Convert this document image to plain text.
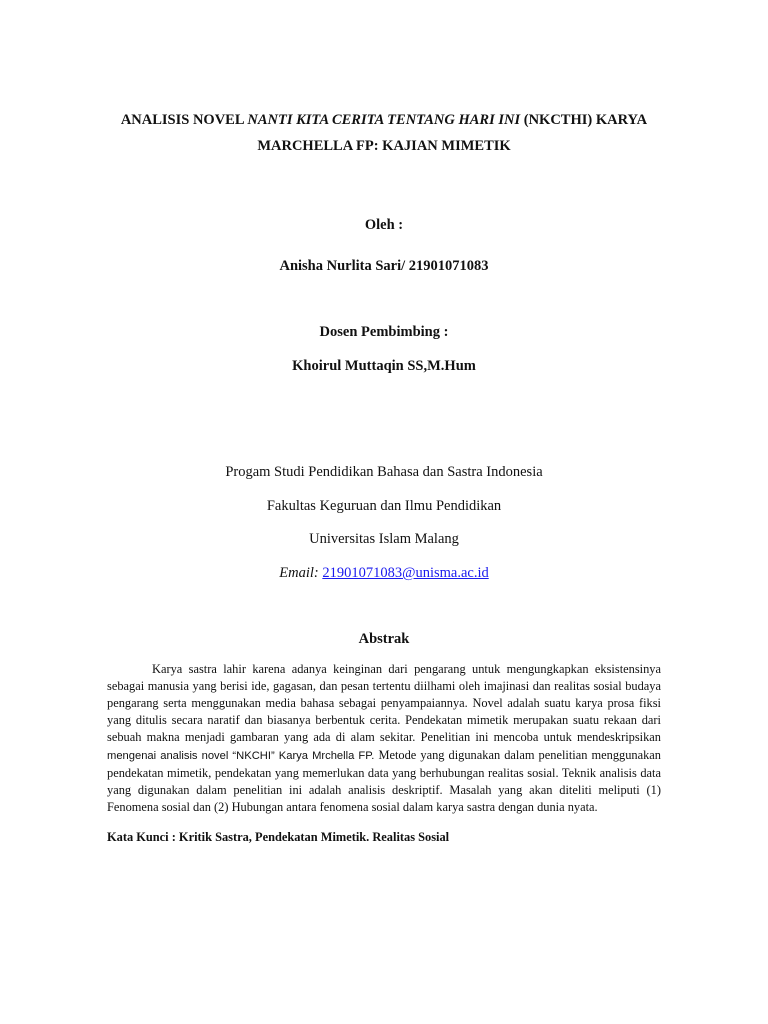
ANALISIS NOVEL NANTI KITA CERITA TENTANG HARI INI (NKCTHI) KARYA
MARCHELLA FP: KAJIAN MIMETIK
Oleh :
Anisha Nurlita Sari/ 21901071083
Dosen Pembimbing :
Khoirul Muttaqin SS,M.Hum
Progam Studi Pendidikan Bahasa dan Sastra Indonesia
Fakultas Keguruan dan Ilmu Pendidikan
Universitas Islam Malang
Email: 21901071083@unisma.ac.id
Abstrak
Karya sastra lahir karena adanya keinginan dari pengarang untuk mengungkapkan eksistensinya
sebagai manusia yang berisi ide, gagasan, dan pesan tertentu diilhami oleh imajinasi dan realitas sosial budaya
pengarang serta menggunakan media bahasa sebagai penyampaiannya. Novel adalah suatu karya prosa fiksi
yang ditulis secara naratif dan biasanya berbentuk cerita. Pendekatan mimetik merupakan suatu rekaan dari
sebuah makna menjadi gambaran yang ada di alam sekitar. Penelitian ini mencoba untuk mendeskripsikan
mengenai analisis novel “NKCHI” Karya Mrchella FP. Metode yang digunakan dalam penelitian menggunakan
pendekatan mimetik, pendekatan yang memerlukan data yang berhubungan realitas sosial. Teknik analisis data
yang digunakan dalam penelitian ini adalah analisis deskriptif. Masalah yang akan diteliti meliputi (1)
Fenomena sosial dan (2) Hubungan antara fenomena sosial dalam karya sastra dengan dunia nyata.
Kata Kunci : Kritik Sastra, Pendekatan Mimetik. Realitas Sosial
